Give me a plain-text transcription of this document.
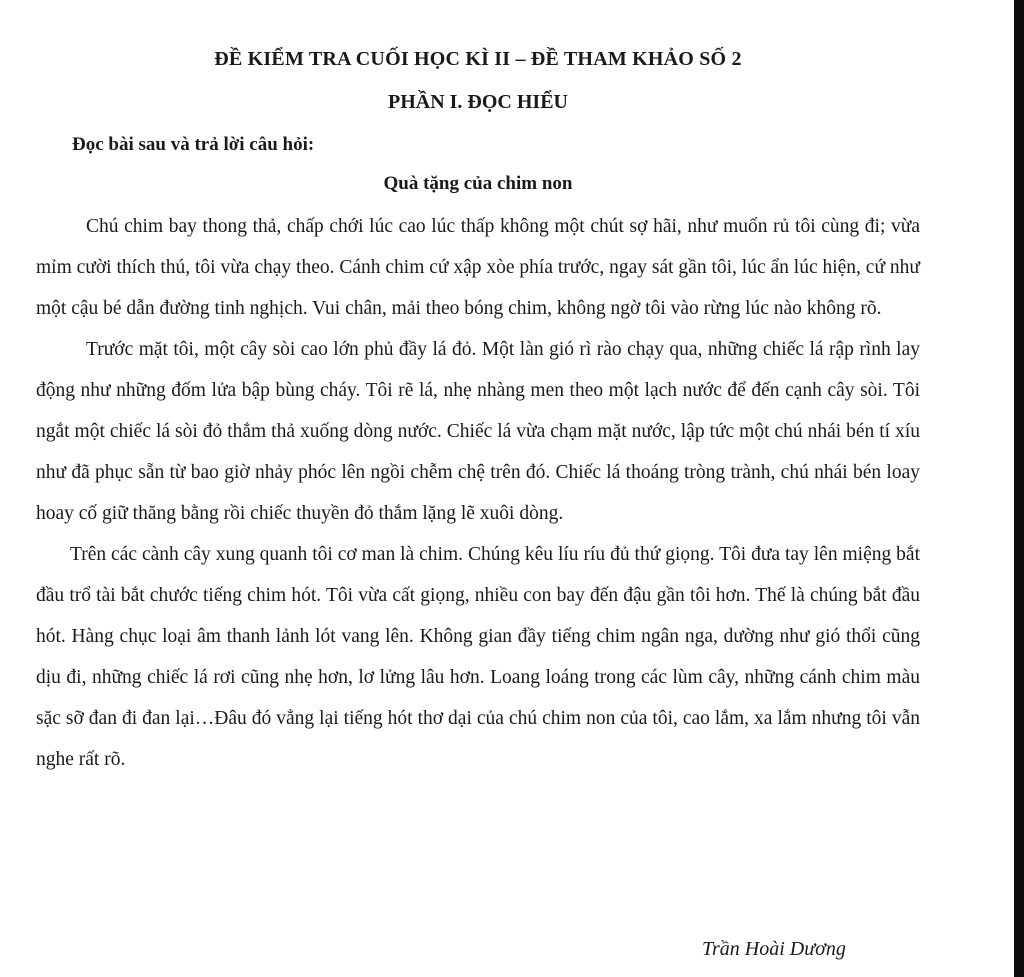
ĐỀ KIỂM TRA CUỐI HỌC KÌ II – ĐỀ THAM KHẢO SỐ 2
PHẦN I. ĐỌC HIỂU
Đọc bài sau và trả lời câu hỏi:
Quà tặng của chim non

Chú chim bay thong thả, chấp chới lúc cao lúc thấp không một chút sợ hãi, như muốn rủ tôi cùng đi; vừa mỉm cười thích thú, tôi vừa chạy theo. Cánh chim cứ xập xòe phía trước, ngay sát gần tôi, lúc ẩn lúc hiện, cứ như một cậu bé dẫn đường tinh nghịch. Vui chân, mải theo bóng chim, không ngờ tôi vào rừng lúc nào không rõ.

Trước mặt tôi, một cây sòi cao lớn phủ đầy lá đỏ. Một làn gió rì rào chạy qua, những chiếc lá rập rình lay động như những đốm lửa bập bùng cháy. Tôi rẽ lá, nhẹ nhàng men theo một lạch nước để đến cạnh cây sòi. Tôi ngắt một chiếc lá sòi đỏ thắm thả xuống dòng nước. Chiếc lá vừa chạm mặt nước, lập tức một chú nhái bén tí xíu như đã phục sẵn từ bao giờ nhảy phóc lên ngồi chễm chệ trên đó. Chiếc lá thoáng tròng trành, chú nhái bén loay hoay cố giữ thăng bằng rồi chiếc thuyền đỏ thắm lặng lẽ xuôi dòng.

Trên các cành cây xung quanh tôi cơ man là chim. Chúng kêu líu ríu đủ thứ giọng. Tôi đưa tay lên miệng bắt đầu trổ tài bắt chước tiếng chim hót. Tôi vừa cất giọng, nhiều con bay đến đậu gần tôi hơn. Thế là chúng bắt đầu hót. Hàng chục loại âm thanh lảnh lót vang lên. Không gian đầy tiếng chim ngân nga, dường như gió thổi cũng dịu đi, những chiếc lá rơi cũng nhẹ hơn, lơ lửng lâu hơn. Loang loáng trong các lùm cây, những cánh chim màu sặc sỡ đan đi đan lại…Đâu đó vẳng lại tiếng hót thơ dại của chú chim non của tôi, cao lắm, xa lắm nhưng tôi vẫn nghe rất rõ.

Trần Hoài Dương
